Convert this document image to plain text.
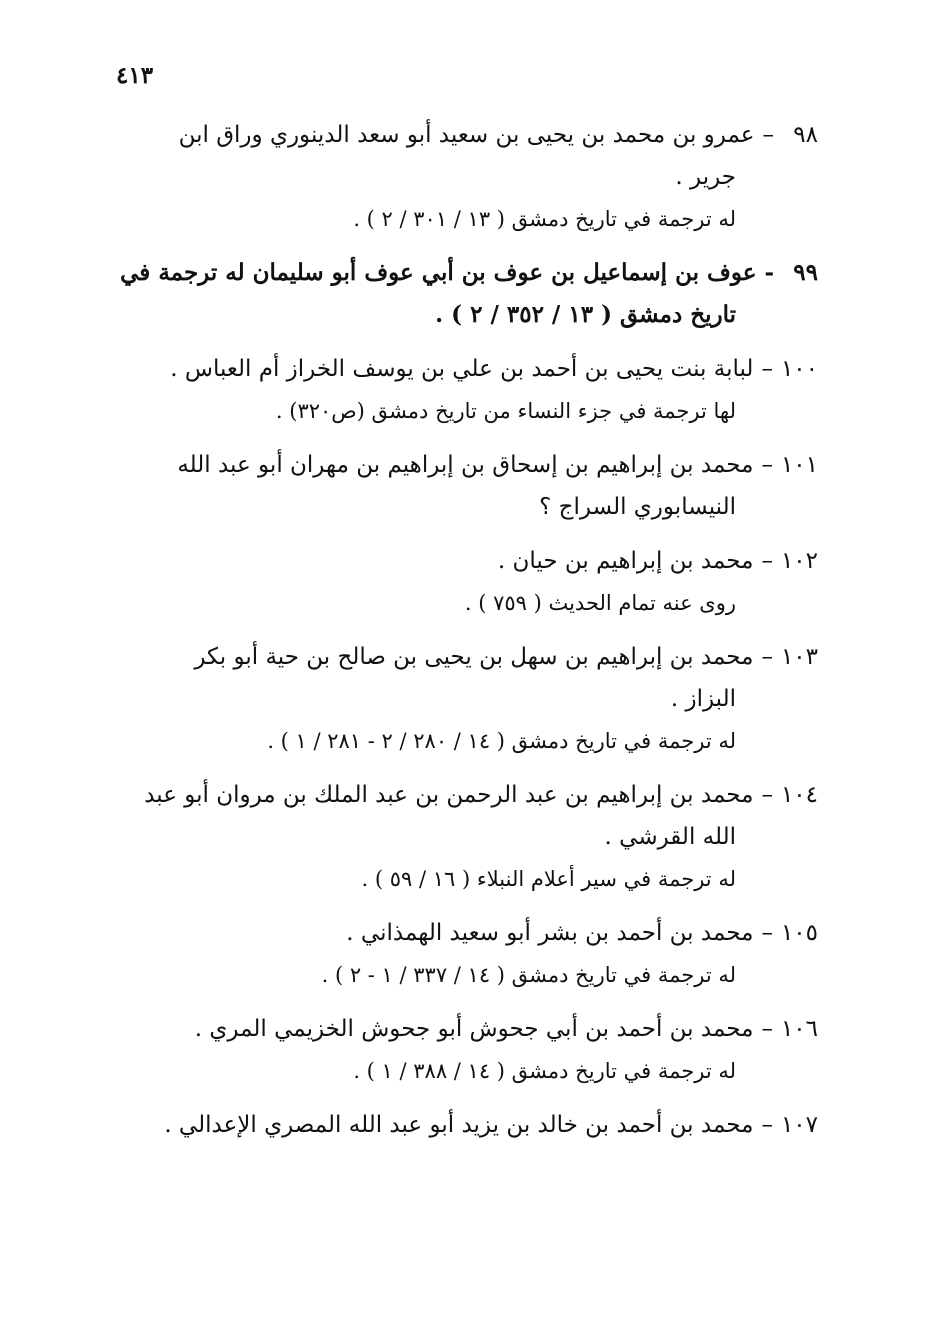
٤١٣
٩٨
–
عمرو بن محمد بن يحيى بن سعيد أبو سعد الدينوري وراق ابن
جرير .
له ترجمة في تاريخ دمشق ( ١٣ / ٣٠١ / ٢ ) .
٩٩
-
عوف بن إسماعيل بن عوف بن أبي عوف أبو سليمان له ترجمة في
تاريخ دمشق ( ١٣ / ٣٥٢ / ٢ ) .
١٠٠
–
لبابة بنت يحيى بن أحمد بن علي بن يوسف الخراز أم العباس .
لها ترجمة في جزء النساء من تاريخ دمشق (ص٣٢٠) .
١٠١
–
محمد بن إبراهيم بن إسحاق بن إبراهيم بن مهران أبو عبد الله
النيسابوري السراج ؟
١٠٢
–
محمد بن إبراهيم بن حيان .
روى عنه تمام الحديث ( ٧٥٩ ) .
١٠٣
–
محمد بن إبراهيم بن سهل بن يحيى بن صالح بن حية أبو بكر
البزاز .
له ترجمة في تاريخ دمشق ( ١٤ / ٢٨٠ / ٢ - ٢٨١ / ١ ) .
١٠٤
–
محمد بن إبراهيم بن عبد الرحمن بن عبد الملك بن مروان أبو عبد
الله القرشي .
له ترجمة في سير أعلام النبلاء ( ١٦ / ٥٩ ) .
١٠٥
–
محمد بن أحمد بن بشر أبو سعيد الهمذاني .
له ترجمة في تاريخ دمشق ( ١٤ / ٣٣٧ / ١ - ٢ ) .
١٠٦
–
محمد بن أحمد بن أبي جحوش أبو جحوش الخزيمي المري .
له ترجمة في تاريخ دمشق ( ١٤ / ٣٨٨ / ١ ) .
١٠٧
–
محمد بن أحمد بن خالد بن يزيد أبو عبد الله المصري الإعدالي .
